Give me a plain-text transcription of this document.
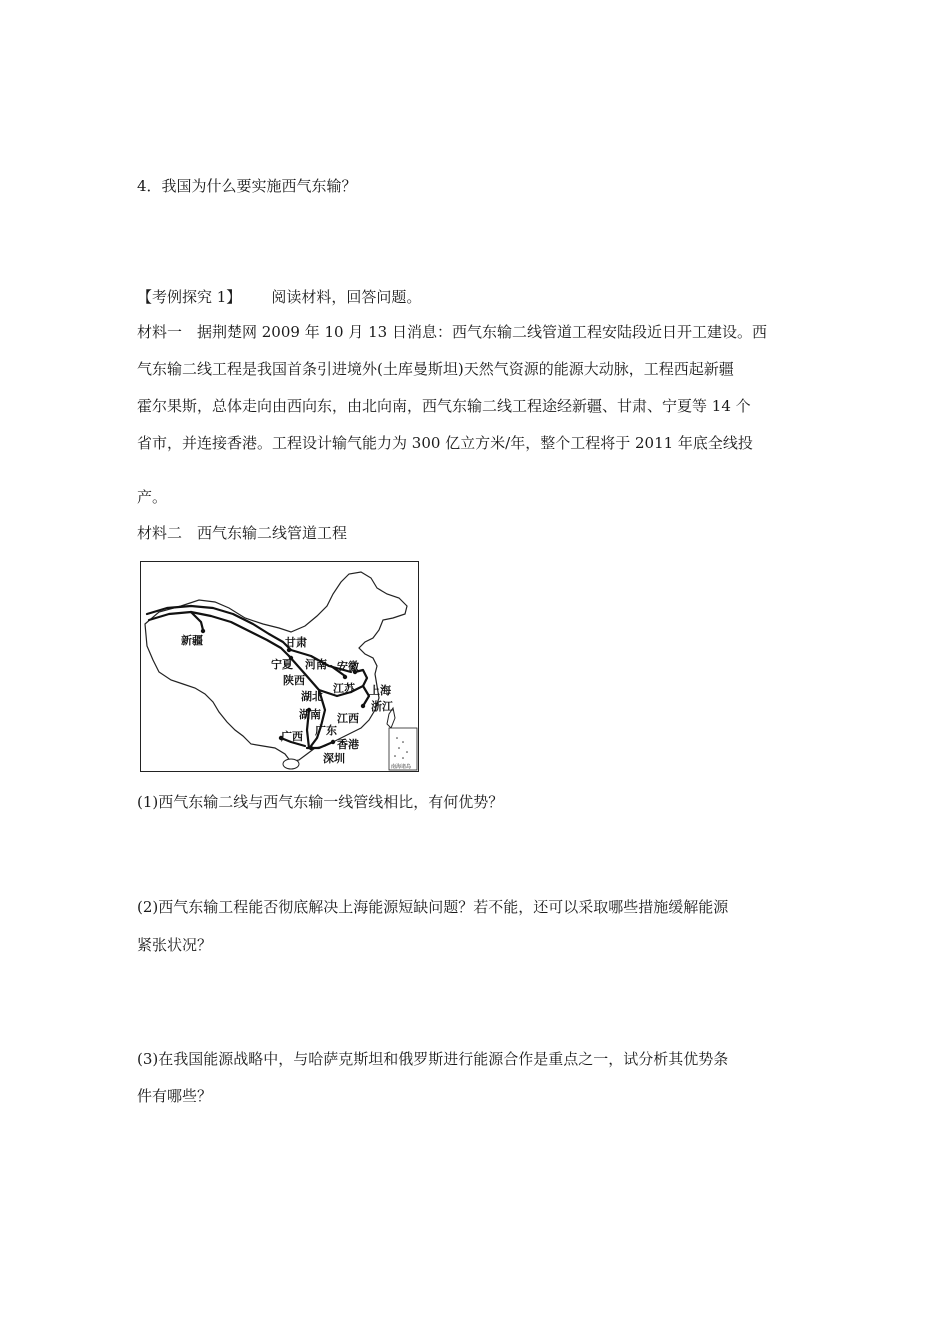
4．我国为什么要实施西气东输？
【考例探究 1】 阅读材料，回答问题。
材料一　据荆楚网 2009 年 10 月 13 日消息：西气东输二线管道工程安陆段近日开工建设。西
气东输二线工程是我国首条引进境外(土库曼斯坦)天然气资源的能源大动脉，工程西起新疆
霍尔果斯，总体走向由西向东，由北向南，西气东输二线工程途经新疆、甘肃、宁夏等 14 个
省市，并连接香港。工程设计输气能力为 300 亿立方米/年，整个工程将于 2011 年底全线投
产。
材料二　西气东输二线管道工程
南海诸岛
新疆	甘肃
宁夏 河南 安徽
陕西
江苏 上海
湖北
浙江
湖南 江西
广东
广西
香港
深圳
(1)西气东输二线与西气东输一线管线相比，有何优势？
(2)西气东输工程能否彻底解决上海能源短缺问题？若不能，还可以采取哪些措施缓解能源
紧张状况？
(3)在我国能源战略中，与哈萨克斯坦和俄罗斯进行能源合作是重点之一，试分析其优势条
件有哪些？
